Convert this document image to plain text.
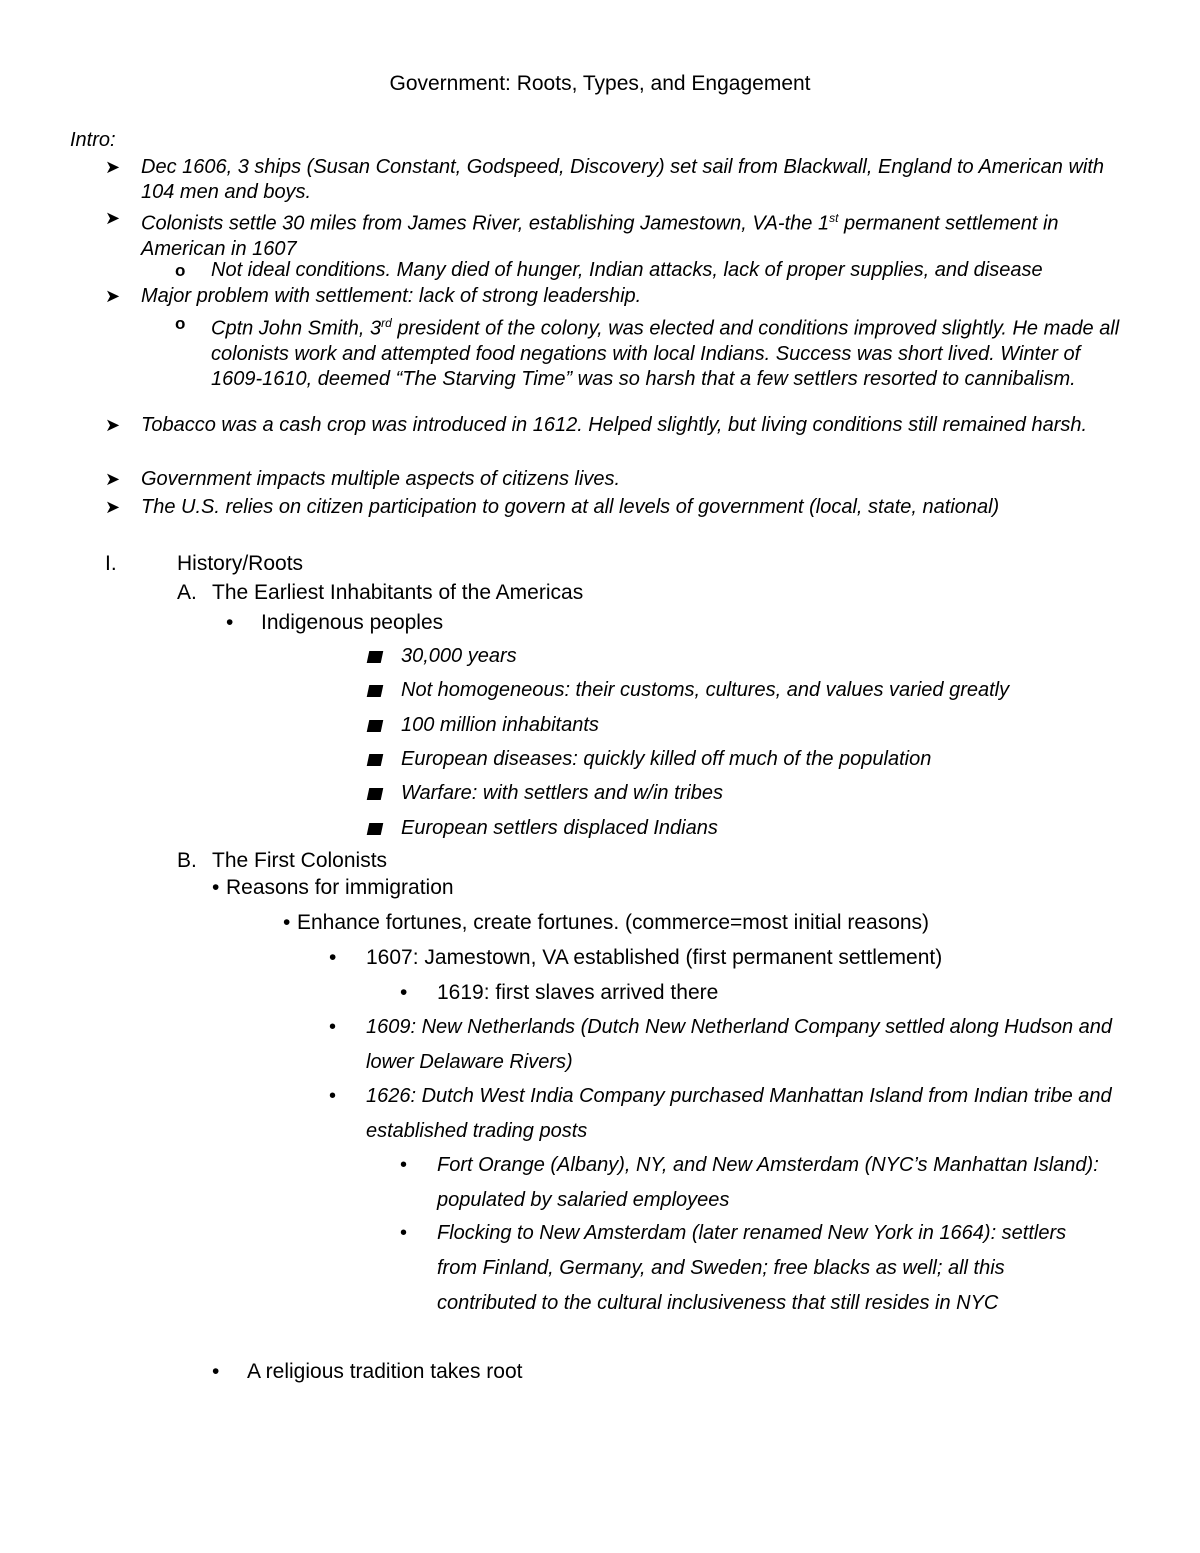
Government: Roots, Types, and Engagement
Intro:
➤	Dec 1606, 3 ships (Susan Constant, Godspeed, Discovery) set sail from Blackwall, England to American with 104 men and boys.
➤	Colonists settle 30 miles from James River, establishing Jamestown, VA-the 1st permanent settlement in American in 1607
o Not ideal conditions. Many died of hunger, Indian attacks, lack of proper supplies, and disease
➤	Major problem with settlement: lack of strong leadership.
o Cptn John Smith, 3rd president of the colony, was elected and conditions improved slightly. He made all colonists work and attempted food negations with local Indians. Success was short lived. Winter of 1609-1610, deemed “The Starving Time” was so harsh that a few settlers resorted to cannibalism.
➤	Tobacco was a cash crop was introduced in 1612. Helped slightly, but living conditions still remained harsh.
➤	Government impacts multiple aspects of citizens lives.
➤	The U.S. relies on citizen participation to govern at all levels of government (local, state, national)
I.	History/Roots
A. The Earliest Inhabitants of the Americas
• Indigenous peoples
30,000 years
Not homogeneous: their customs, cultures, and values varied greatly
100 million inhabitants
European diseases: quickly killed off much of the population
Warfare: with settlers and w/in tribes
European settlers displaced Indians
B. The First Colonists
• Reasons for immigration
• Enhance fortunes, create fortunes. (commerce=most initial reasons)
• 1607: Jamestown, VA established (first permanent settlement)
• 1619: first slaves arrived there
• 1609: New Netherlands (Dutch New Netherland Company settled along Hudson and lower Delaware Rivers)
• 1626: Dutch West India Company purchased Manhattan Island from Indian tribe and established trading posts
• Fort Orange (Albany), NY, and New Amsterdam (NYC’s Manhattan Island): populated by salaried employees
• Flocking to New Amsterdam (later renamed New York in 1664): settlers from Finland, Germany, and Sweden; free blacks as well; all this contributed to the cultural inclusiveness that still resides in NYC
• A religious tradition takes root
